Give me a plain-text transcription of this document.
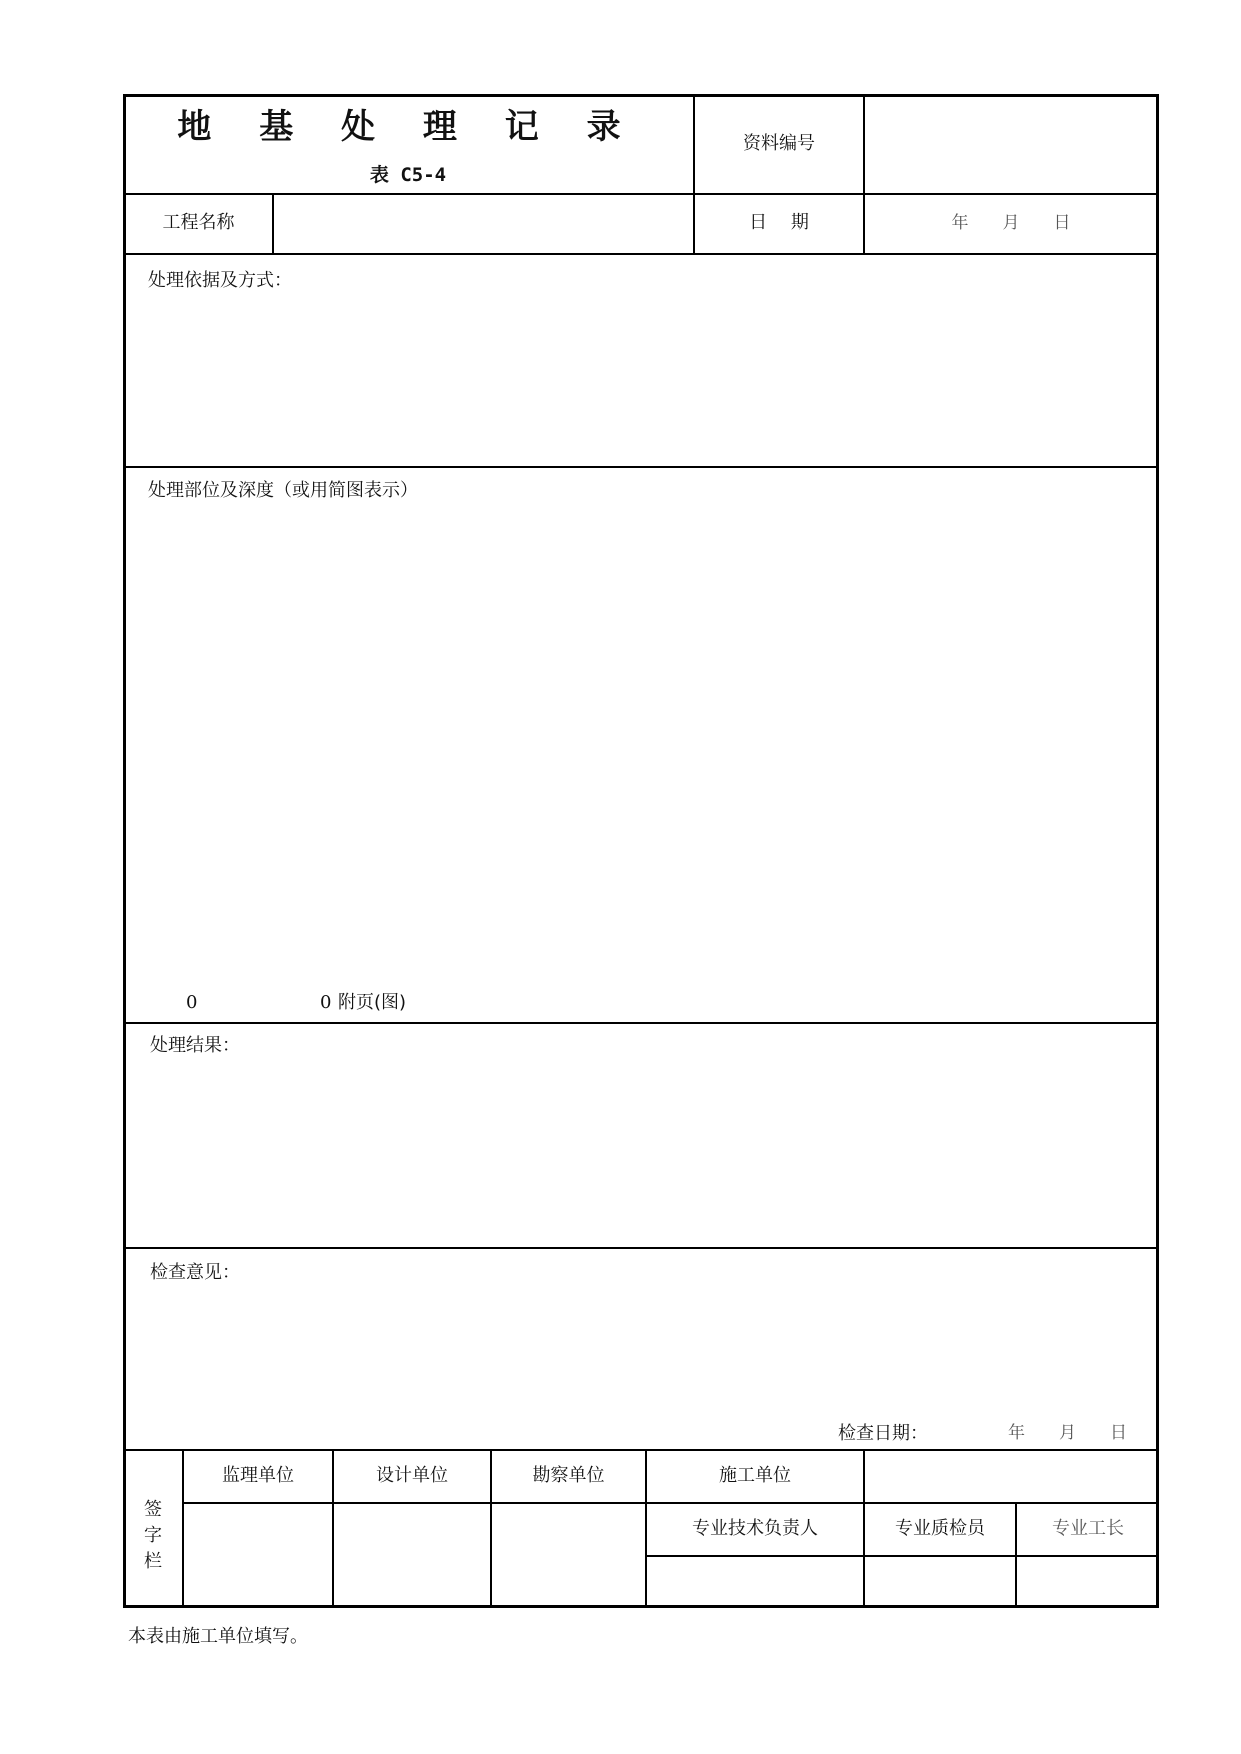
地 基 处 理 记 录
表 C5-4
资料编号
工程名称	日　 期	年　　月　　日
处理依据及方式：
处理部位及深度（或用简图表示）
0	0 附页(图)
处理结果：
检查意见：
检查日期：	年　　月　　日
签字栏
监理单位	设计单位	勘察单位	施工单位
专业技术负责人	专业质检员	专业工长
本表由施工单位填写。
